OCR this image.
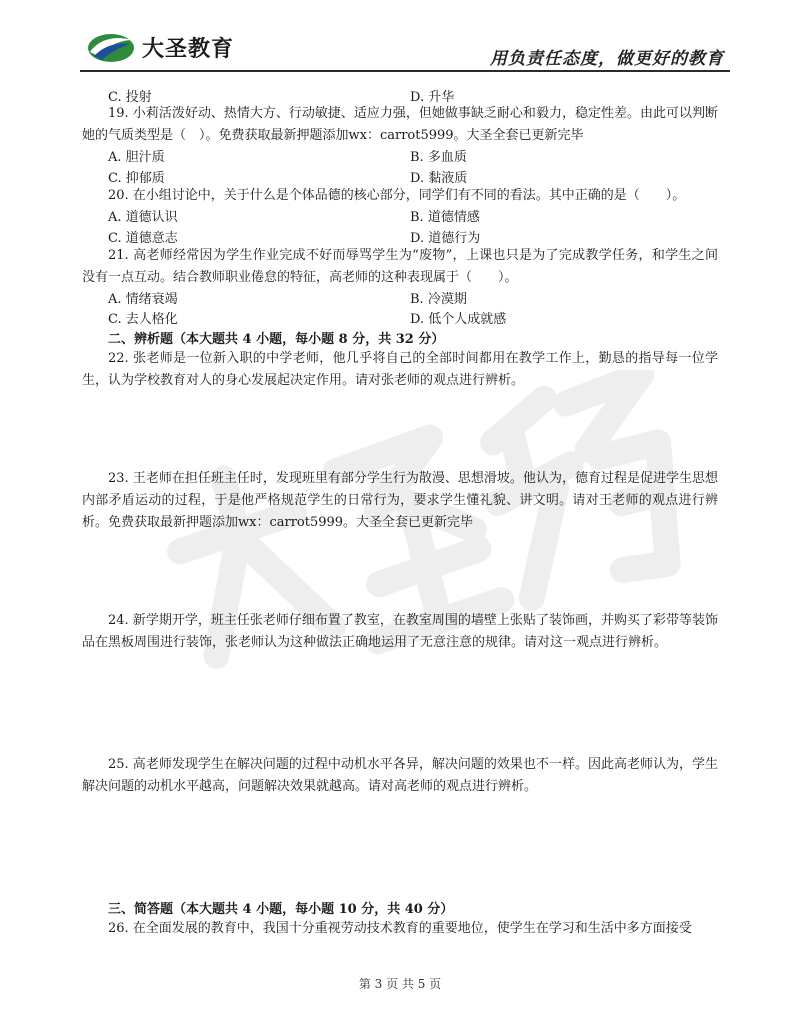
大圣教育	用负责任态度，做更好的教育
C. 投射	D. 升华
19. 小莉活泼好动、热情大方、行动敏捷、适应力强，但她做事缺乏耐心和毅力，稳定性差。由此可以判断她的气质类型是（　）。免费获取最新押题添加wx：carrot5999。大圣全套已更新完毕
A. 胆汁质	B. 多血质
C. 抑郁质	D. 黏液质
20. 在小组讨论中，关于什么是个体品德的核心部分，同学们有不同的看法。其中正确的是（　　）。
A. 道德认识	B. 道德情感
C. 道德意志	D. 道德行为
21. 高老师经常因为学生作业完成不好而辱骂学生为“废物”，上课也只是为了完成教学任务，和学生之间没有一点互动。结合教师职业倦怠的特征，高老师的这种表现属于（　　）。
A. 情绪衰竭	B. 冷漠期
C. 去人格化	D. 低个人成就感
二、辨析题（本大题共 4 小题，每小题 8 分，共 32 分）
22. 张老师是一位新入职的中学老师，他几乎将自己的全部时间都用在教学工作上，勤恳的指导每一位学生，认为学校教育对人的身心发展起决定作用。请对张老师的观点进行辨析。
23. 王老师在担任班主任时，发现班里有部分学生行为散漫、思想滑坡。他认为，德育过程是促进学生思想内部矛盾运动的过程，于是他严格规范学生的日常行为，要求学生懂礼貌、讲文明。请对王老师的观点进行辨析。免费获取最新押题添加wx：carrot5999。大圣全套已更新完毕
24. 新学期开学，班主任张老师仔细布置了教室，在教室周围的墙壁上张贴了装饰画，并购买了彩带等装饰品在黑板周围进行装饰，张老师认为这种做法正确地运用了无意注意的规律。请对这一观点进行辨析。
25. 高老师发现学生在解决问题的过程中动机水平各异，解决问题的效果也不一样。因此高老师认为，学生解决问题的动机水平越高，问题解决效果就越高。请对高老师的观点进行辨析。
三、简答题（本大题共 4 小题，每小题 10 分，共 40 分）
26. 在全面发展的教育中，我国十分重视劳动技术教育的重要地位，使学生在学习和生活中多方面接受
第 3 页 共 5 页
